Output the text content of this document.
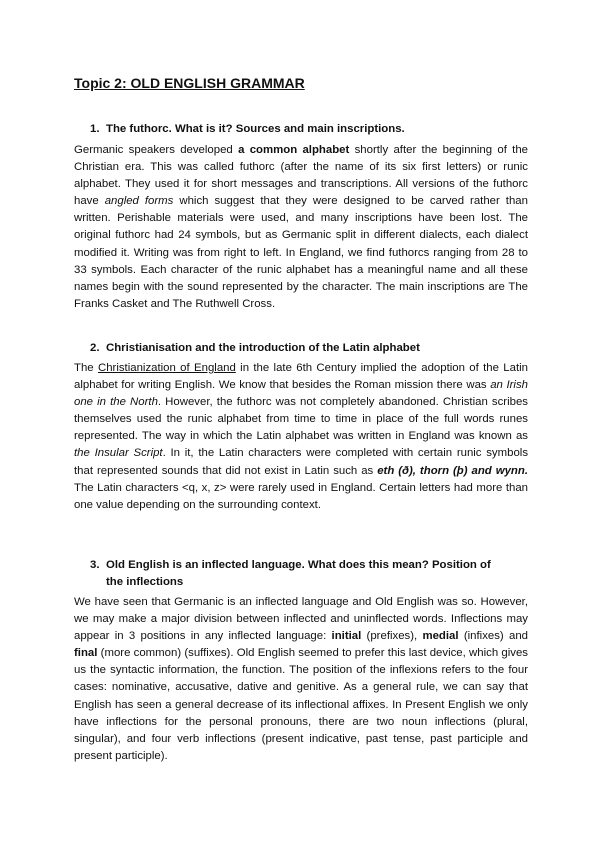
Topic 2: OLD ENGLISH GRAMMAR
1. The futhorc. What is it? Sources and main inscriptions.

Germanic speakers developed a common alphabet shortly after the beginning of the Christian era. This was called futhorc (after the name of its six first letters) or runic alphabet. They used it for short messages and transcriptions. All versions of the futhorc have angled forms which suggest that they were designed to be carved rather than written. Perishable materials were used, and many inscriptions have been lost. The original futhorc had 24 symbols, but as Germanic split in different dialects, each dialect modified it. Writing was from right to left. In England, we find futhorcs ranging from 28 to 33 symbols. Each character of the runic alphabet has a meaningful name and all these names begin with the sound represented by the character. The main inscriptions are The Franks Casket and The Ruthwell Cross.

2. Christianisation and the introduction of the Latin alphabet

The Christianization of England in the late 6th Century implied the adoption of the Latin alphabet for writing English. We know that besides the Roman mission there was an Irish one in the North. However, the futhorc was not completely abandoned. Christian scribes themselves used the runic alphabet from time to time in place of the full words runes represented. The way in which the Latin alphabet was written in England was known as the Insular Script. In it, the Latin characters were completed with certain runic symbols that represented sounds that did not exist in Latin such as eth (ð), thorn (þ) and wynn. The Latin characters <q, x, z> were rarely used in England. Certain letters had more than one value depending on the surrounding context.

3. Old English is an inflected language. What does this mean? Position of
the inflections

We have seen that Germanic is an inflected language and Old English was so. However, we may make a major division between inflected and uninflected words. Inflections may appear in 3 positions in any inflected language: initial (prefixes), medial (infixes) and final (more common) (suffixes). Old English seemed to prefer this last device, which gives us the syntactic information, the function. The position of the inflexions refers to the four cases: nominative, accusative, dative and genitive. As a general rule, we can say that English has seen a general decrease of its inflectional affixes. In Present English we only have inflections for the personal pronouns, there are two noun inflections (plural, singular), and four verb inflections (present indicative, past tense, past participle and present participle).
